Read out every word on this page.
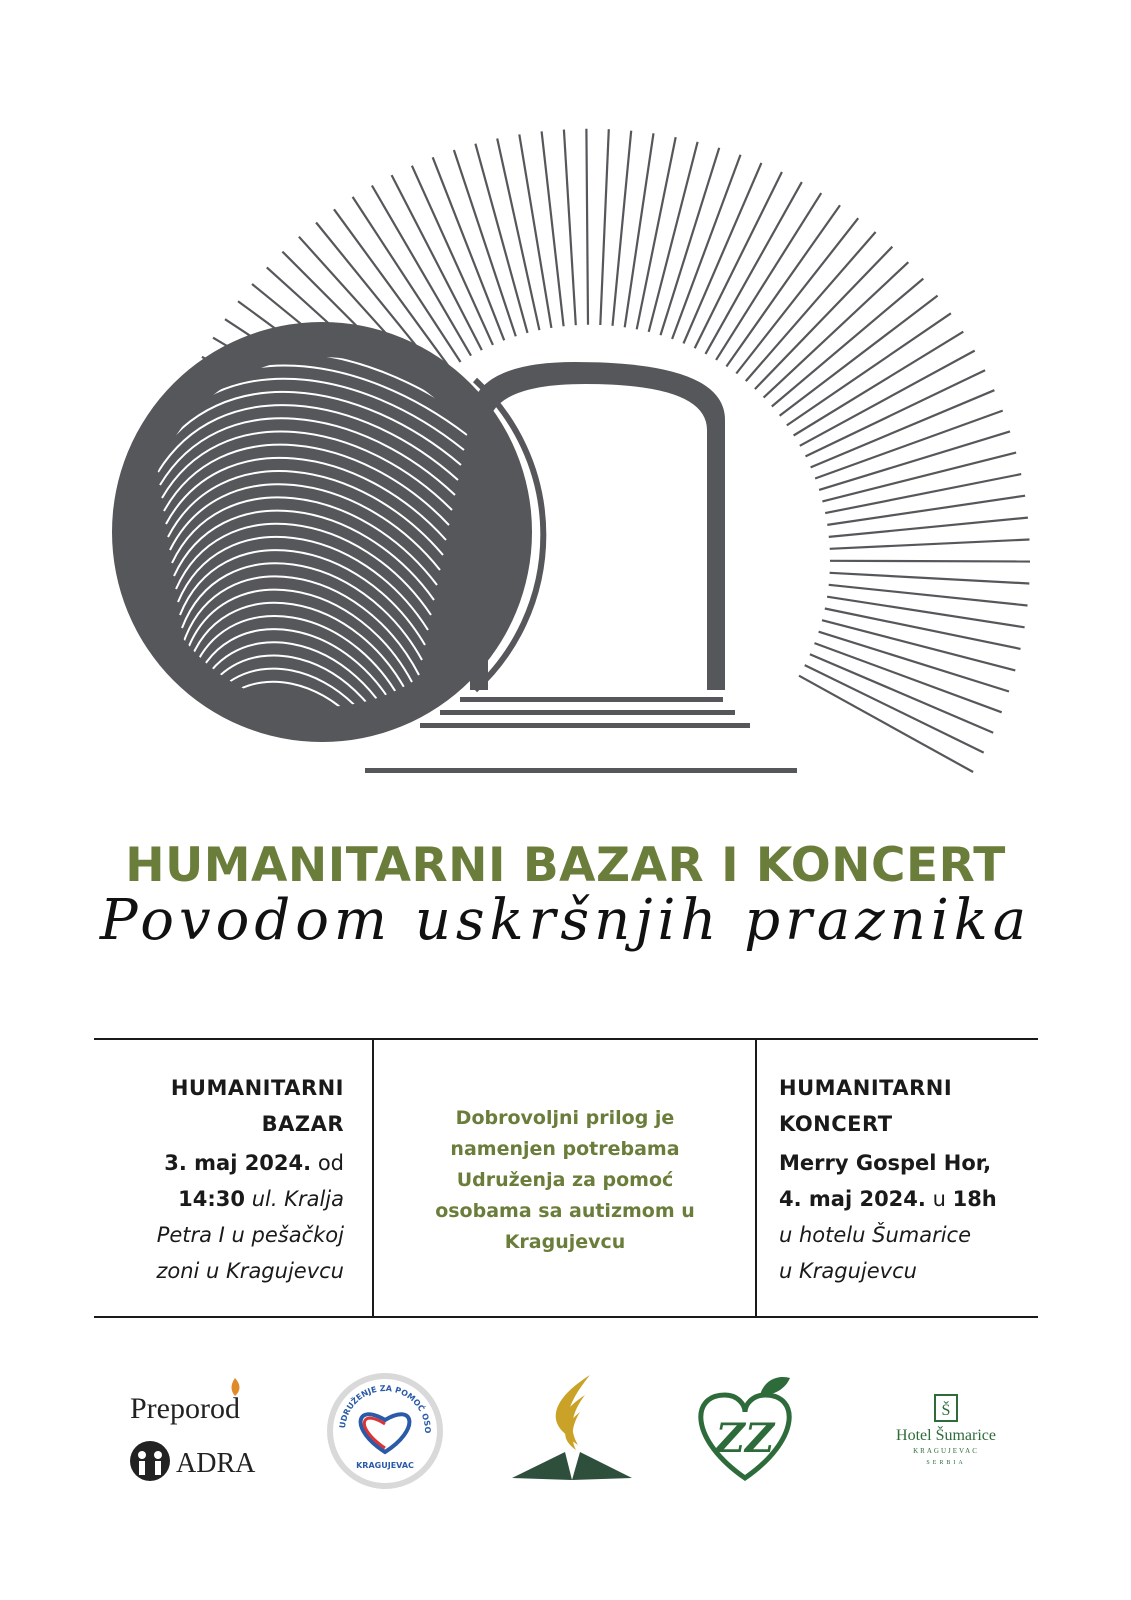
HUMANITARNI BAZAR I KONCERT
Povodom uskršnjih praznika
HUMANITARNI
BAZAR
3. maj 2024. od
14:30 ul. Kralja
Petra I u pešačkoj
zoni u Kragujevcu
Dobrovoljni prilog je
namenjen potrebama
Udruženja za pomoć
osobama sa autizmom u
Kragujevcu
HUMANITARNI
KONCERT
Merry Gospel Hor,
4. maj 2024. u 18h
u hotelu Šumarice
u Kragujevcu
Preporod
ADRA
UDRUŽENJE ZA POMOĆ OSO
KRAGUJEVAC
ZZ
Š
Hotel Šumarice
KRAGUJEVAC
SERBIA
